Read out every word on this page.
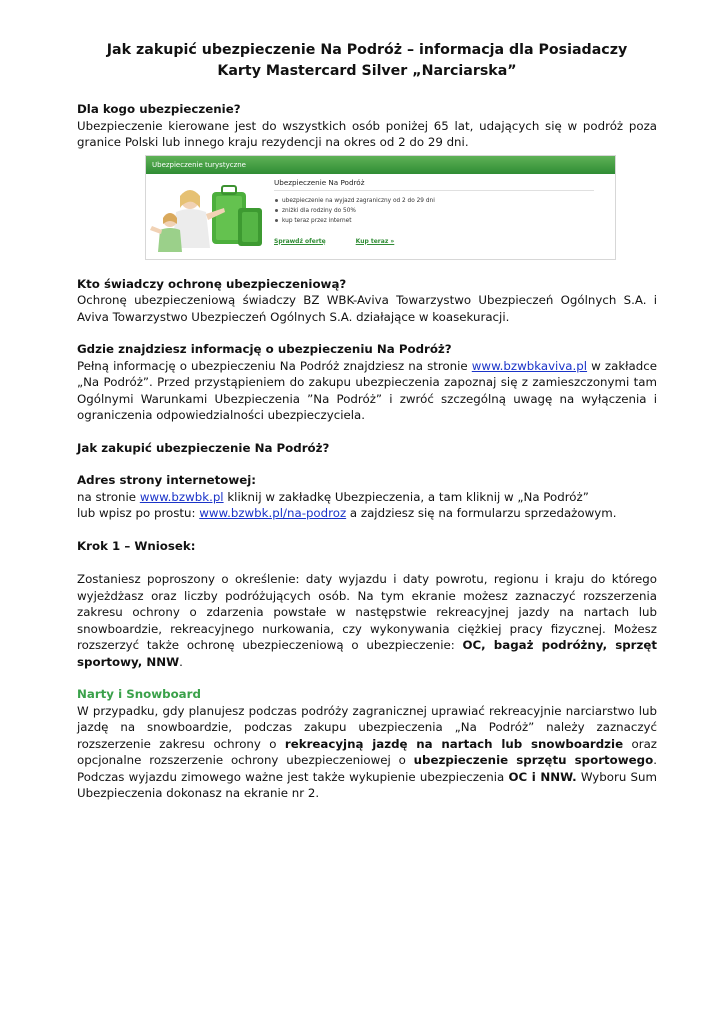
Jak zakupić ubezpieczenie Na Podróż – informacja dla Posiadaczy
Karty Mastercard Silver „Narciarska”

Dla kogo ubezpieczenie?

Ubezpieczenie kierowane jest do wszystkich osób poniżej 65 lat, udających się w podróż poza granice Polski lub innego kraju rezydencji na okres od 2 do 29 dni.

Ubezpieczenie turystyczne

Ubezpieczenie Na Podróż

ubezpieczenie na wyjazd zagraniczny od 2 do 29 dni
zniżki dla rodziny do 50%
kup teraz przez internet
Sprawdź ofertę	Kup teraz »

Kto świadczy ochronę ubezpieczeniową?

Ochronę ubezpieczeniową świadczy BZ WBK-Aviva Towarzystwo Ubezpieczeń Ogólnych S.A. i Aviva Towarzystwo Ubezpieczeń Ogólnych S.A. działające w koasekuracji.

Gdzie znajdziesz informację o ubezpieczeniu Na Podróż?

Pełną informację o ubezpieczeniu Na Podróż znajdziesz na stronie www.bzwbkaviva.pl w zakładce „Na Podróż”. Przed przystąpieniem do zakupu ubezpieczenia zapoznaj się z zamieszczonymi tam Ogólnymi Warunkami Ubezpieczenia ”Na Podróż” i zwróć szczególną uwagę na wyłączenia i ograniczenia odpowiedzialności ubezpieczyciela.

Jak zakupić ubezpieczenie Na Podróż?

Adres strony internetowej:

na stronie www.bzwbk.pl kliknij w zakładkę Ubezpieczenia, a tam kliknij w „Na Podróż”

lub wpisz po prostu: www.bzwbk.pl/na-podroz a zajdziesz się na formularzu sprzedażowym.

Krok 1 – Wniosek:

Zostaniesz poproszony o określenie: daty wyjazdu i daty powrotu, regionu i kraju do którego wyjeżdżasz oraz liczby podróżujących osób. Na tym ekranie możesz zaznaczyć rozszerzenia zakresu ochrony o zdarzenia powstałe w następstwie rekreacyjnej jazdy na nartach lub snowboardzie, rekreacyjnego nurkowania, czy wykonywania ciężkiej pracy fizycznej. Możesz rozszerzyć także ochronę ubezpieczeniową o ubezpieczenie: OC, bagaż podróżny, sprzęt sportowy, NNW.

Narty i Snowboard

W przypadku, gdy planujesz podczas podróży zagranicznej uprawiać rekreacyjnie narciarstwo lub jazdę na snowboardzie, podczas zakupu ubezpieczenia „Na Podróż” należy zaznaczyć rozszerzenie zakresu ochrony o rekreacyjną jazdę na nartach lub snowboardzie oraz opcjonalne rozszerzenie ochrony ubezpieczeniowej o ubezpieczenie sprzętu sportowego. Podczas wyjazdu zimowego ważne jest także wykupienie ubezpieczenia OC i NNW. Wyboru Sum Ubezpieczenia dokonasz na ekranie nr 2.
